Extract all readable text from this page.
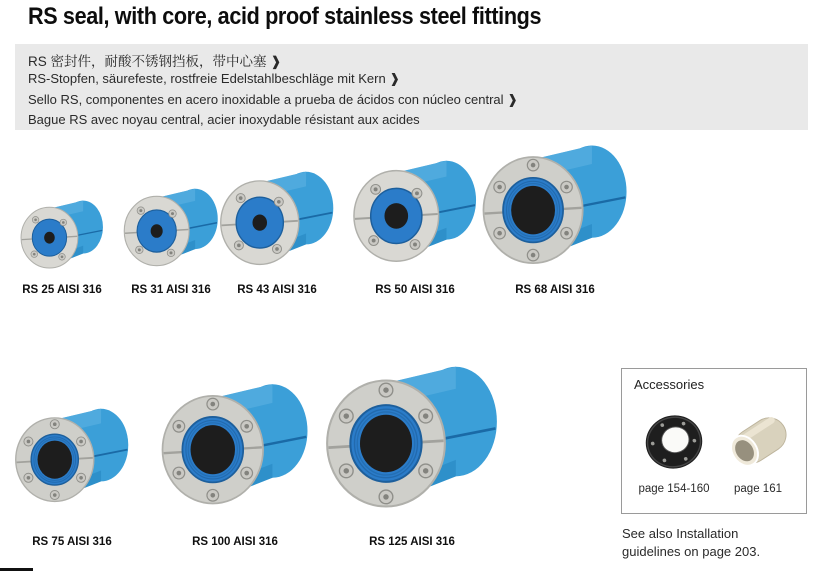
RS seal, with core, acid proof stainless steel fittings
RS 密封件，耐酸不锈钢挡板，带中心塞 ❱
RS-Stopfen, säurefeste, rostfreie Edelstahlbeschläge mit Kern ❱
Sello RS, componentes en acero inoxidable a prueba de ácidos con núcleo central ❱
Bague RS avec noyau central, acier inoxydable résistant aux acides
RS 25 AISI 316	RS 31 AISI 316	RS 43 AISI 316	RS 50 AISI 316	RS 68 AISI 316
RS 75 AISI 316	RS 100 AISI 316	RS 125 AISI 316
Accessories
page 154-160	page 161
See also Installation guidelines on page 203.
